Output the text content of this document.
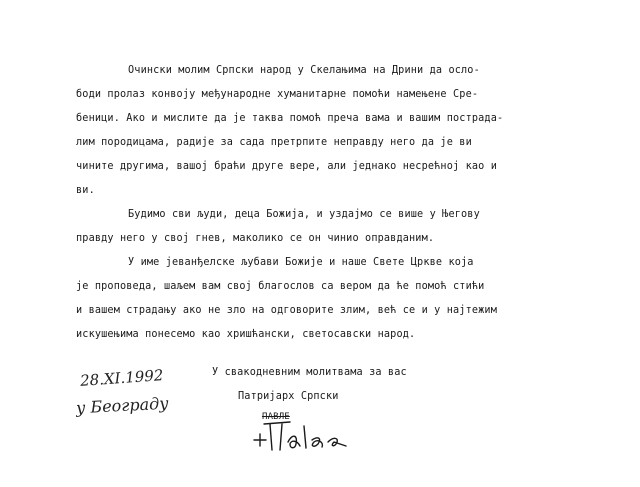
Очински молим Српски народ у Скелањима на Дрини да осло-
боди пролаз конвоју међународне хуманитарне помоћи намењене Сре-
беници. Ако и мислите да је таква помоћ преча вама и вашим пострада-
лим породицама, радије за сада претрпите неправду него да је ви
чините другима, вашој браћи друге вере, али једнако несрећној као и
ви.
Будимо сви људи, деца Божија, и уздајмо се више у Његову
правду него у свој гнев, маколико се он чинио оправданим.
У име јеванђелске љубави Божије и наше Свете Цркве која
је проповеда, шаљем вам свој благослов са вером да ће помоћ стићи
и вашем страдању ако не зло на одговорите злим, већ се и у најтежим
искушењима понесемо као хришћански, светосавски народ.
У свакодневним молитвама за вас
Патријарх Српски
ПАВЛЕ
28.XI.1992
у Београду
